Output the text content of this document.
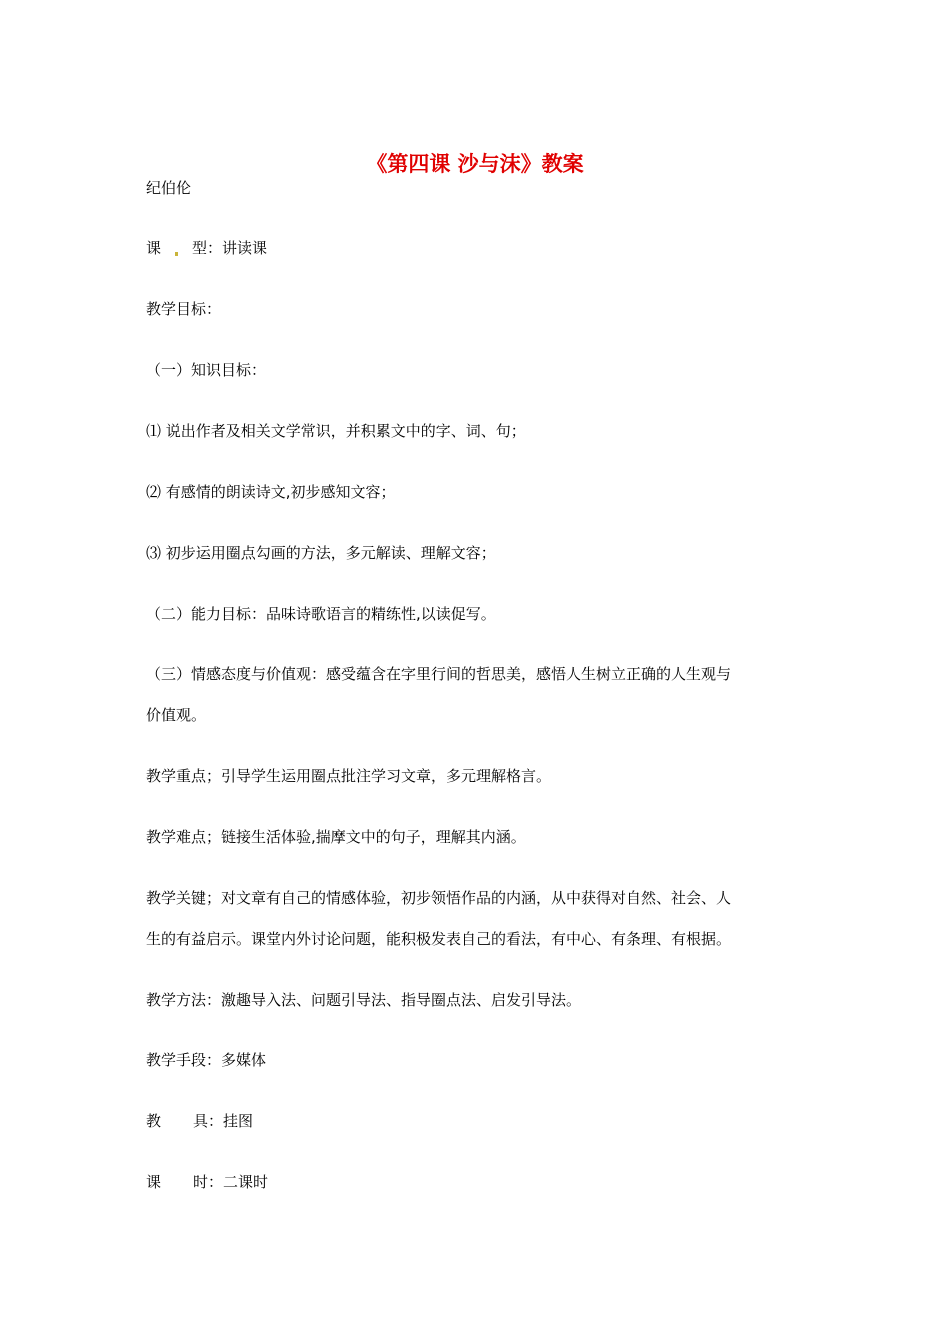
《第四课 沙与沫》教案
纪伯伦
课 型：讲读课
教学目标：
（一）知识目标：
⑴ 说出作者及相关文学常识，并积累文中的字、词、句；
⑵ 有感情的朗读诗文,初步感知文容；
⑶ 初步运用圈点勾画的方法，多元解读、理解文容；
（二）能力目标：品味诗歌语言的精练性,以读促写。
（三）情感态度与价值观：感受蕴含在字里行间的哲思美，感悟人生树立正确的人生观与
价值观。
教学重点；引导学生运用圈点批注学习文章，多元理解格言。
教学难点；链接生活体验,揣摩文中的句子，理解其内涵。
教学关键；对文章有自己的情感体验，初步领悟作品的内涵，从中获得对自然、社会、人
生的有益启示。课堂内外讨论问题，能积极发表自己的看法，有中心、有条理、有根据。
教学方法：激趣导入法、问题引导法、指导圈点法、启发引导法。
教学手段：多媒体
教 具：挂图
课 时：二课时
